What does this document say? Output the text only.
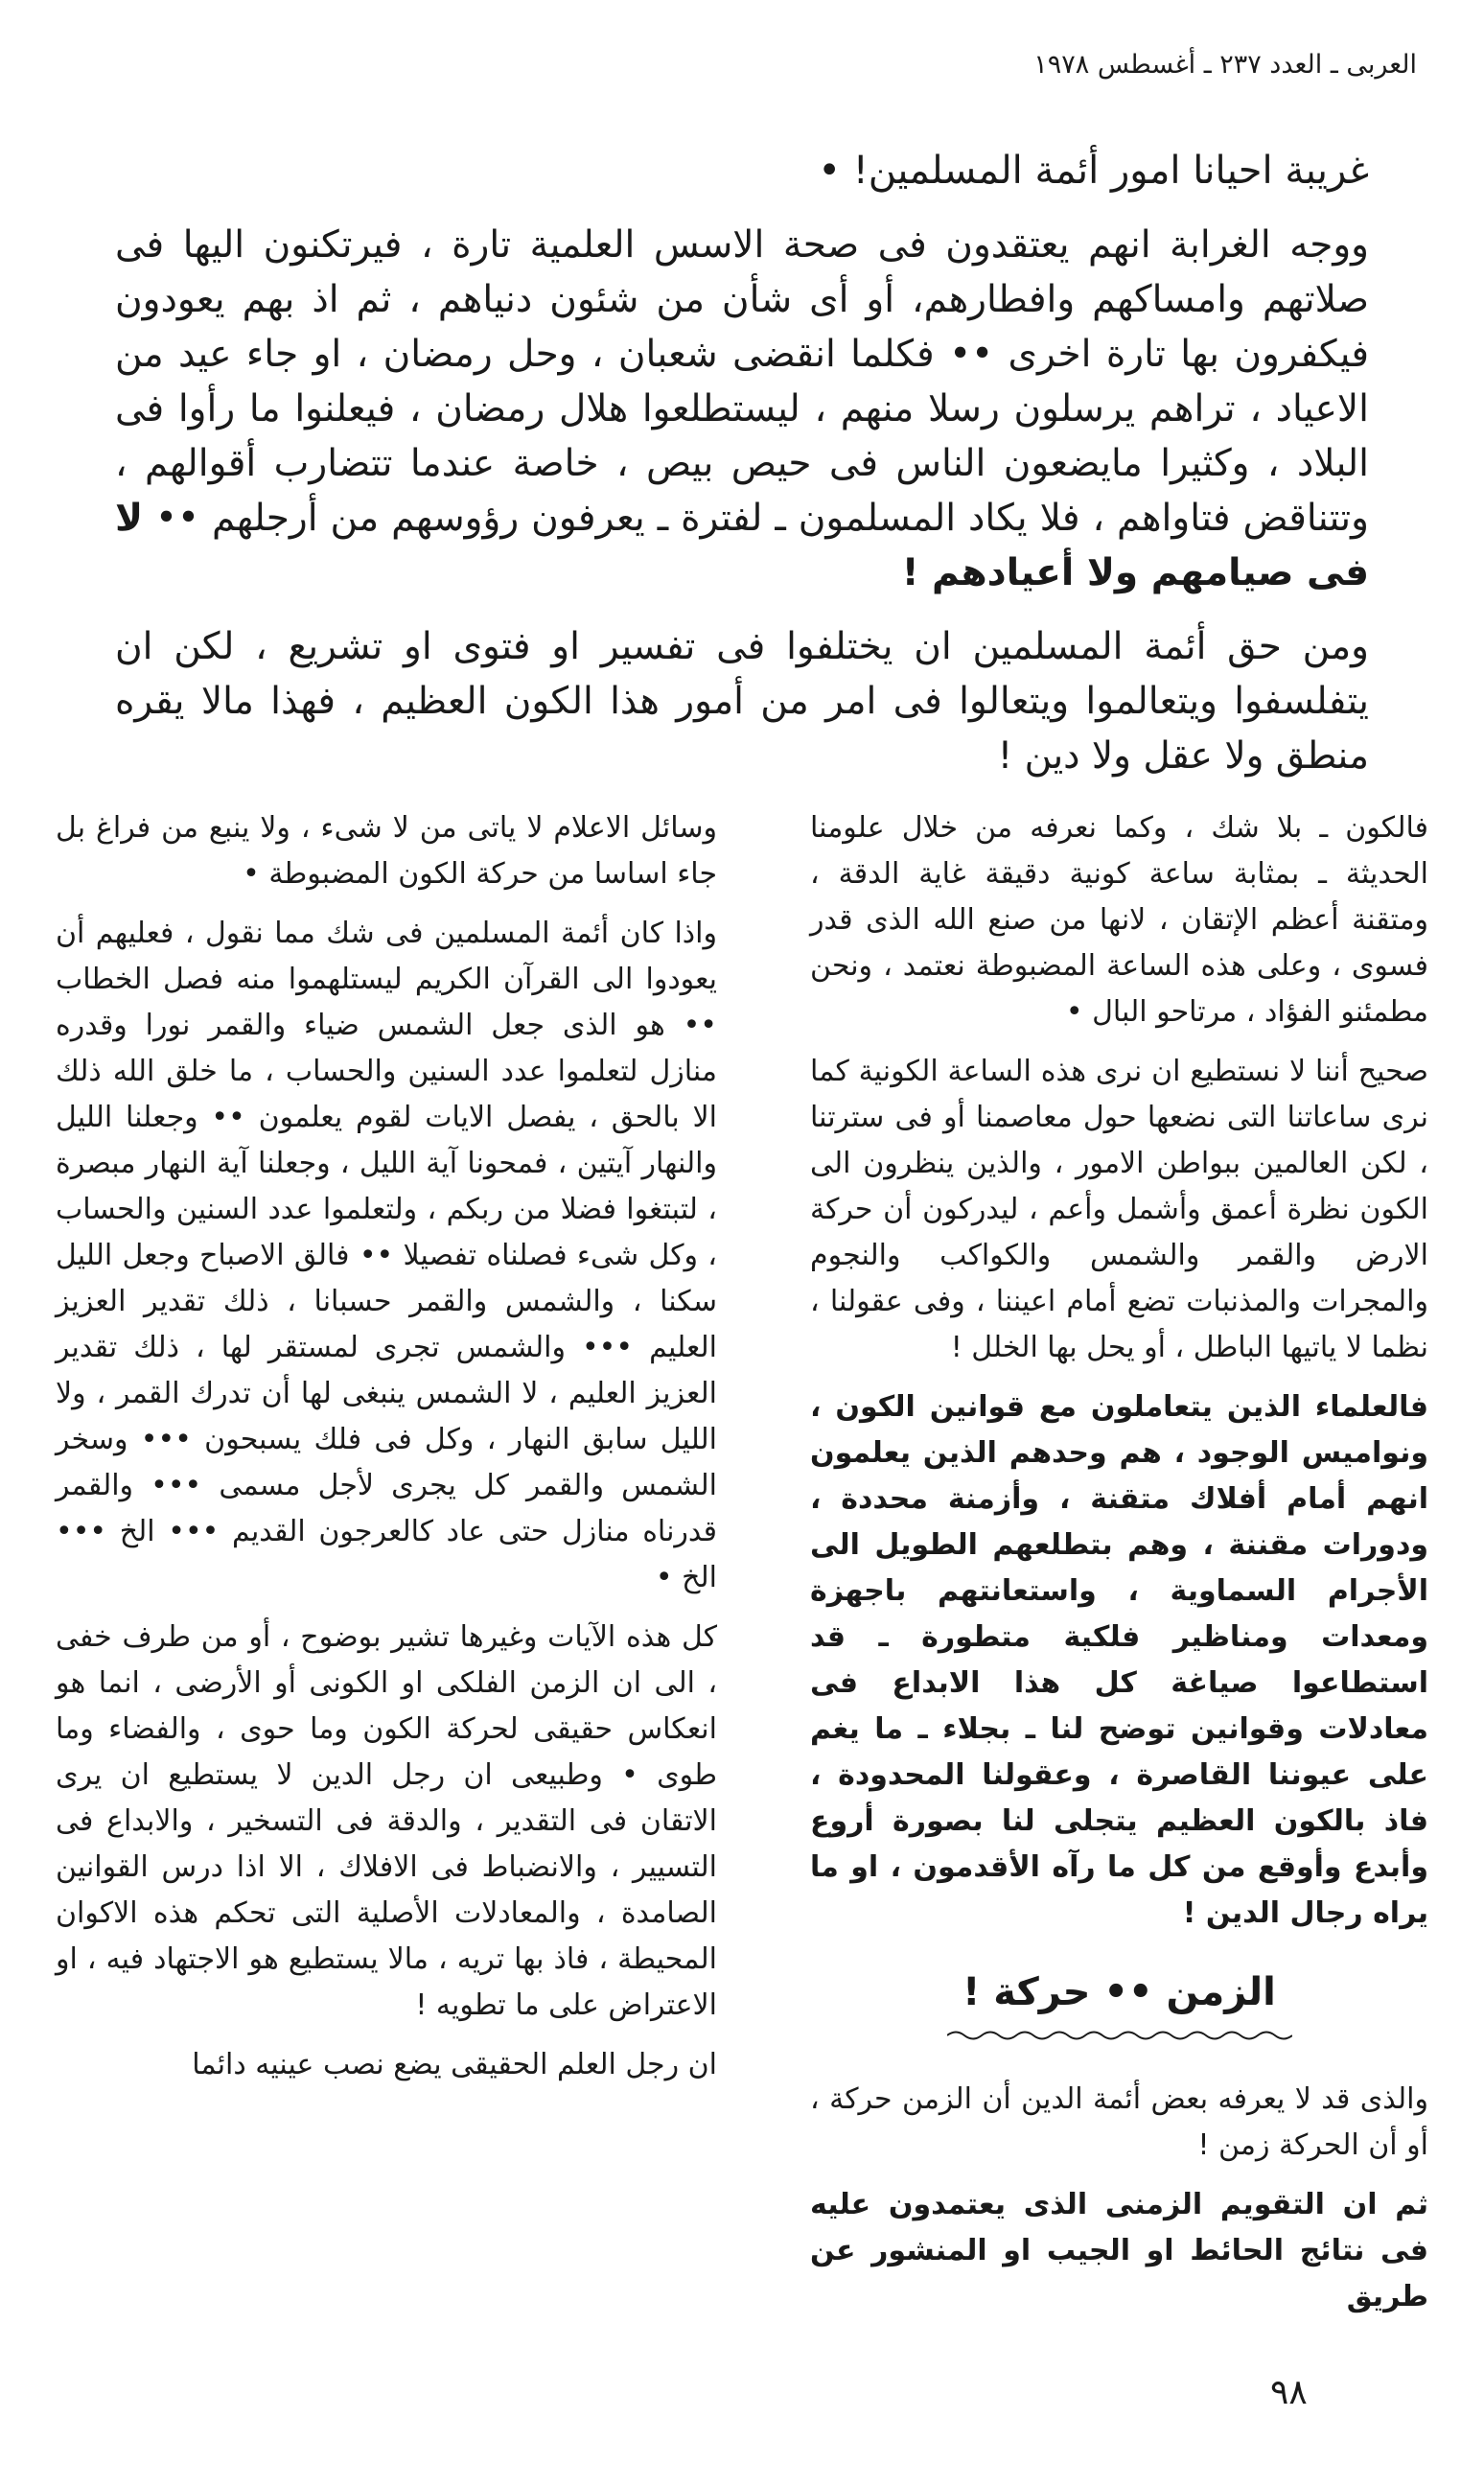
العربى ـ العدد ٢٣٧ ـ أغسطس ١٩٧٨

غريبة احيانا امور أئمة المسلمين! •

ووجه الغرابة انهم يعتقدون فى صحة الاسس العلمية تارة ، فيرتكنون اليها فى صلاتهم وامساكهم وافطارهم، أو أى شأن من شئون دنياهم ، ثم اذ بهم يعودون فيكفرون بها تارة اخرى •• فكلما انقضى شعبان ، وحل رمضان ، او جاء عيد من الاعياد ، تراهم يرسلون رسلا منهم ، ليستطلعوا هلال رمضان ، فيعلنوا ما رأوا فى البلاد ، وكثيرا مايضعون الناس فى حيص بيص ، خاصة عندما تتضارب أقوالهم ، وتتناقض فتاواهم ، فلا يكاد المسلمون ـ لفترة ـ يعرفون رؤوسهم من أرجلهم •• لا فى صيامهم ولا أعيادهم !

ومن حق أئمة المسلمين ان يختلفوا فى تفسير او فتوى او تشريع ، لكن ان يتفلسفوا ويتعالموا ويتعالوا فى امر من أمور هذا الكون العظيم ، فهذا مالا يقره منطق ولا عقل ولا دين !

فالكون ـ بلا شك ، وكما نعرفه من خلال علومنا الحديثة ـ بمثابة ساعة كونية دقيقة غاية الدقة ، ومتقنة أعظم الإتقان ، لانها من صنع الله الذى قدر فسوى ، وعلى هذه الساعة المضبوطة نعتمد ، ونحن مطمئنو الفؤاد ، مرتاحو البال •

صحيح أننا لا نستطيع ان نرى هذه الساعة الكونية كما نرى ساعاتنا التى نضعها حول معاصمنا أو فى سترتنا ، لكن العالمين ببواطن الامور ، والذين ينظرون الى الكون نظرة أعمق وأشمل وأعم ، ليدركون أن حركة الارض والقمر والشمس والكواكب والنجوم والمجرات والمذنبات تضع أمام اعيننا ، وفى عقولنا ، نظما لا ياتيها الباطل ، أو يحل بها الخلل !

فالعلماء الذين يتعاملون مع قوانين الكون ، ونواميس الوجود ، هم وحدهم الذين يعلمون انهم أمام أفلاك متقنة ، وأزمنة محددة ، ودورات مقننة ، وهم بتطلعهم الطويل الى الأجرام السماوية ، واستعانتهم باجهزة ومعدات ومناظير فلكية متطورة ـ قد استطاعوا صياغة كل هذا الابداع فى معادلات وقوانين توضح لنا ـ بجلاء ـ ما يغم على عيوننا القاصرة ، وعقولنا المحدودة ، فاذ بالكون العظيم يتجلى لنا بصورة أروع وأبدع وأوقع من كل ما رآه الأقدمون ، او ما يراه رجال الدين !

الزمن •• حركة !

والذى قد لا يعرفه بعض أئمة الدين أن الزمن حركة ، أو أن الحركة زمن !

ثم ان التقويم الزمنى الذى يعتمدون عليه فى نتائج الحائط او الجيب او المنشور عن طريق

وسائل الاعلام لا ياتى من لا شىء ، ولا ينبع من فراغ بل جاء اساسا من حركة الكون المضبوطة •

واذا كان أئمة المسلمين فى شك مما نقول ، فعليهم أن يعودوا الى القرآن الكريم ليستلهموا منه فصل الخطاب •• هو الذى جعل الشمس ضياء والقمر نورا وقدره منازل لتعلموا عدد السنين والحساب ، ما خلق الله ذلك الا بالحق ، يفصل الايات لقوم يعلمون •• وجعلنا الليل والنهار آيتين ، فمحونا آية الليل ، وجعلنا آية النهار مبصرة ، لتبتغوا فضلا من ربكم ، ولتعلموا عدد السنين والحساب ، وكل شىء فصلناه تفصيلا •• فالق الاصباح وجعل الليل سكنا ، والشمس والقمر حسبانا ، ذلك تقدير العزيز العليم ••• والشمس تجرى لمستقر لها ، ذلك تقدير العزيز العليم ، لا الشمس ينبغى لها أن تدرك القمر ، ولا الليل سابق النهار ، وكل فى فلك يسبحون ••• وسخر الشمس والقمر كل يجرى لأجل مسمى ••• والقمر قدرناه منازل حتى عاد كالعرجون القديم ••• الخ ••• الخ •

كل هذه الآيات وغيرها تشير بوضوح ، أو من طرف خفى ، الى ان الزمن الفلكى او الكونى أو الأرضى ، انما هو انعكاس حقيقى لحركة الكون وما حوى ، والفضاء وما طوى • وطبيعى ان رجل الدين لا يستطيع ان يرى الاتقان فى التقدير ، والدقة فى التسخير ، والابداع فى التسيير ، والانضباط فى الافلاك ، الا اذا درس القوانين الصامدة ، والمعادلات الأصلية التى تحكم هذه الاكوان المحيطة ، فاذ بها تريه ، مالا يستطيع هو الاجتهاد فيه ، او الاعتراض على ما تطويه !

ان رجل العلم الحقيقى يضع نصب عينيه دائما

٩٨
